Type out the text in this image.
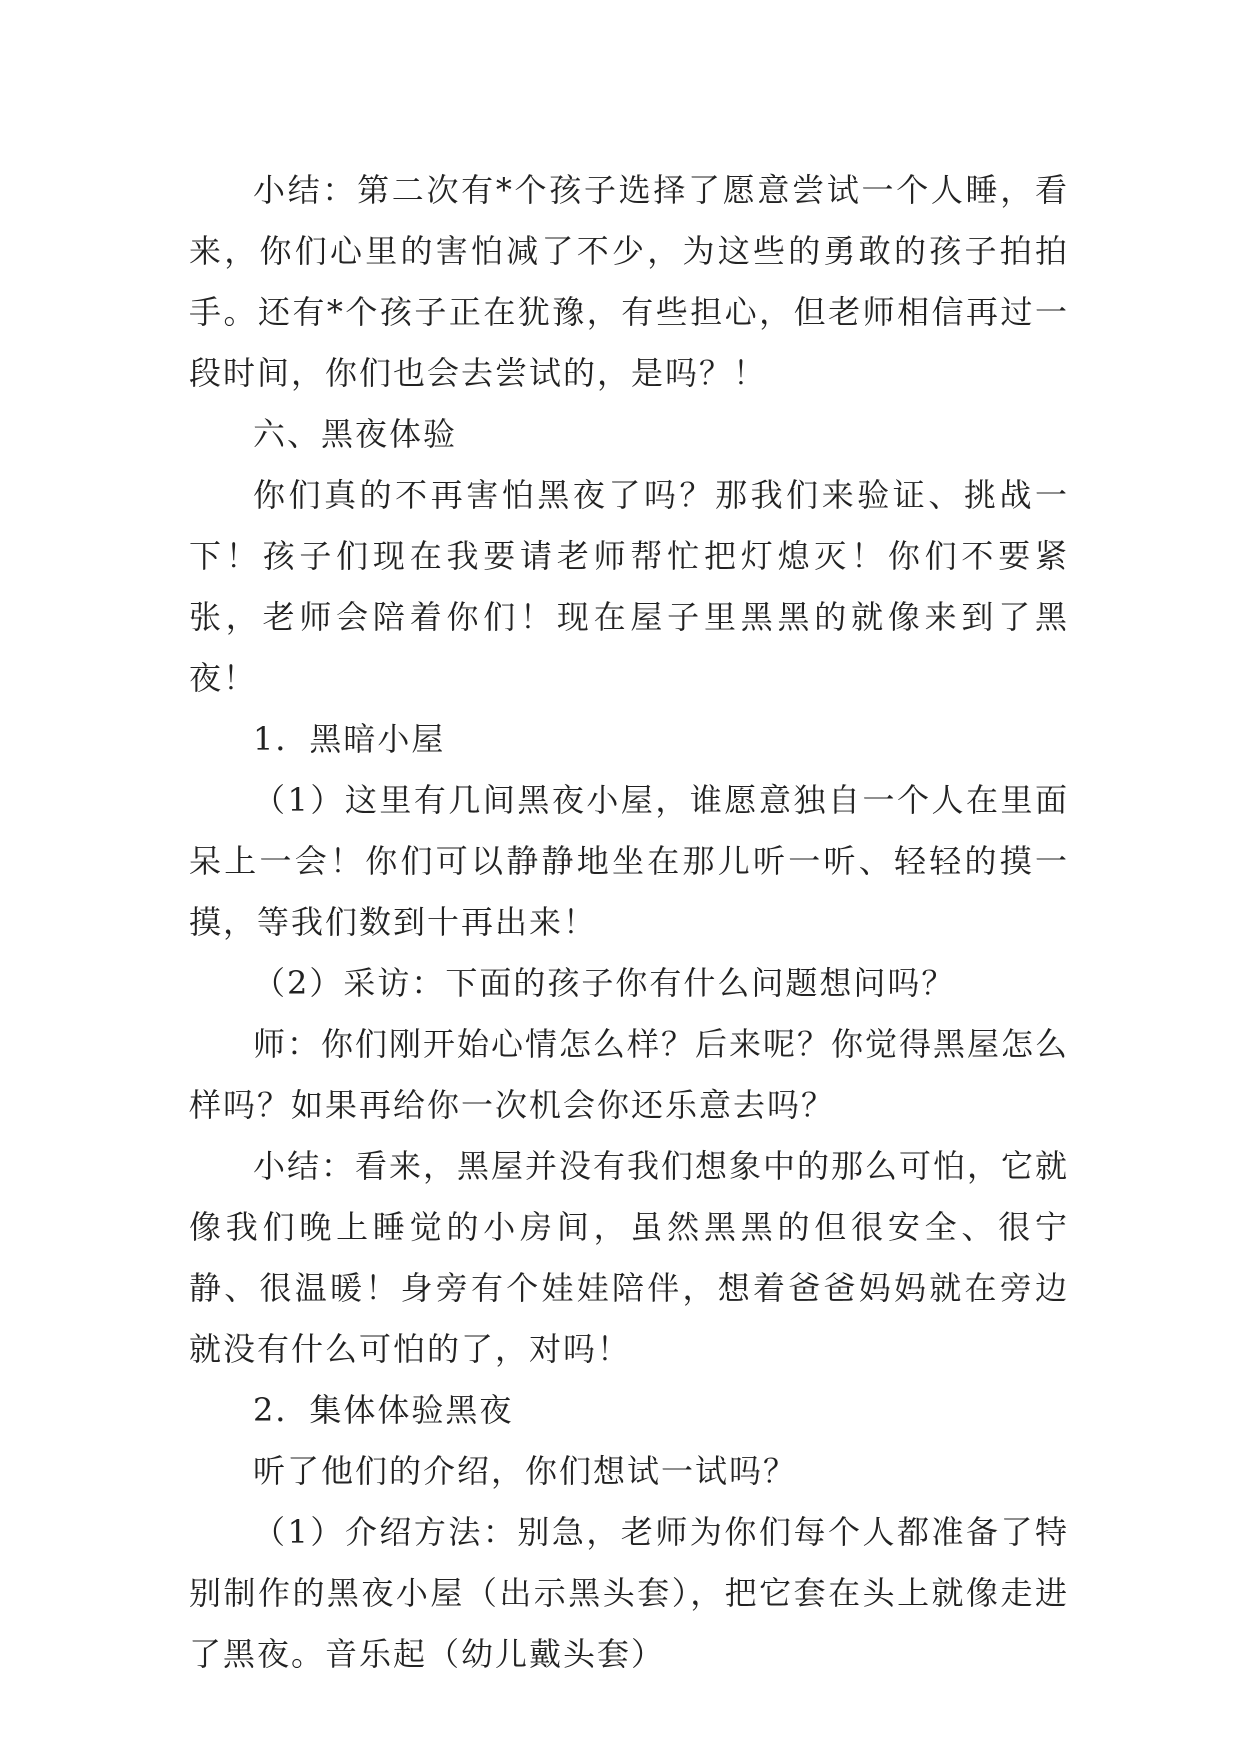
小结：第二次有*个孩子选择了愿意尝试一个人睡，看来，你们心里的害怕减了不少，为这些的勇敢的孩子拍拍手。还有*个孩子正在犹豫，有些担心，但老师相信再过一段时间，你们也会去尝试的，是吗？！

六、黑夜体验

你们真的不再害怕黑夜了吗？那我们来验证、挑战一下！孩子们现在我要请老师帮忙把灯熄灭！你们不要紧张，老师会陪着你们！现在屋子里黑黑的就像来到了黑夜！

1．黑暗小屋

（1）这里有几间黑夜小屋，谁愿意独自一个人在里面呆上一会！你们可以静静地坐在那儿听一听、轻轻的摸一摸，等我们数到十再出来！

（2）采访：下面的孩子你有什么问题想问吗？

师：你们刚开始心情怎么样？后来呢？你觉得黑屋怎么样吗？如果再给你一次机会你还乐意去吗？

小结：看来，黑屋并没有我们想象中的那么可怕，它就像我们晚上睡觉的小房间，虽然黑黑的但很安全、很宁静、很温暖！身旁有个娃娃陪伴，想着爸爸妈妈就在旁边就没有什么可怕的了，对吗！

2．集体体验黑夜

听了他们的介绍，你们想试一试吗？

（1）介绍方法：别急，老师为你们每个人都准备了特别制作的黑夜小屋（出示黑头套），把它套在头上就像走进了黑夜。音乐起（幼儿戴头套）
